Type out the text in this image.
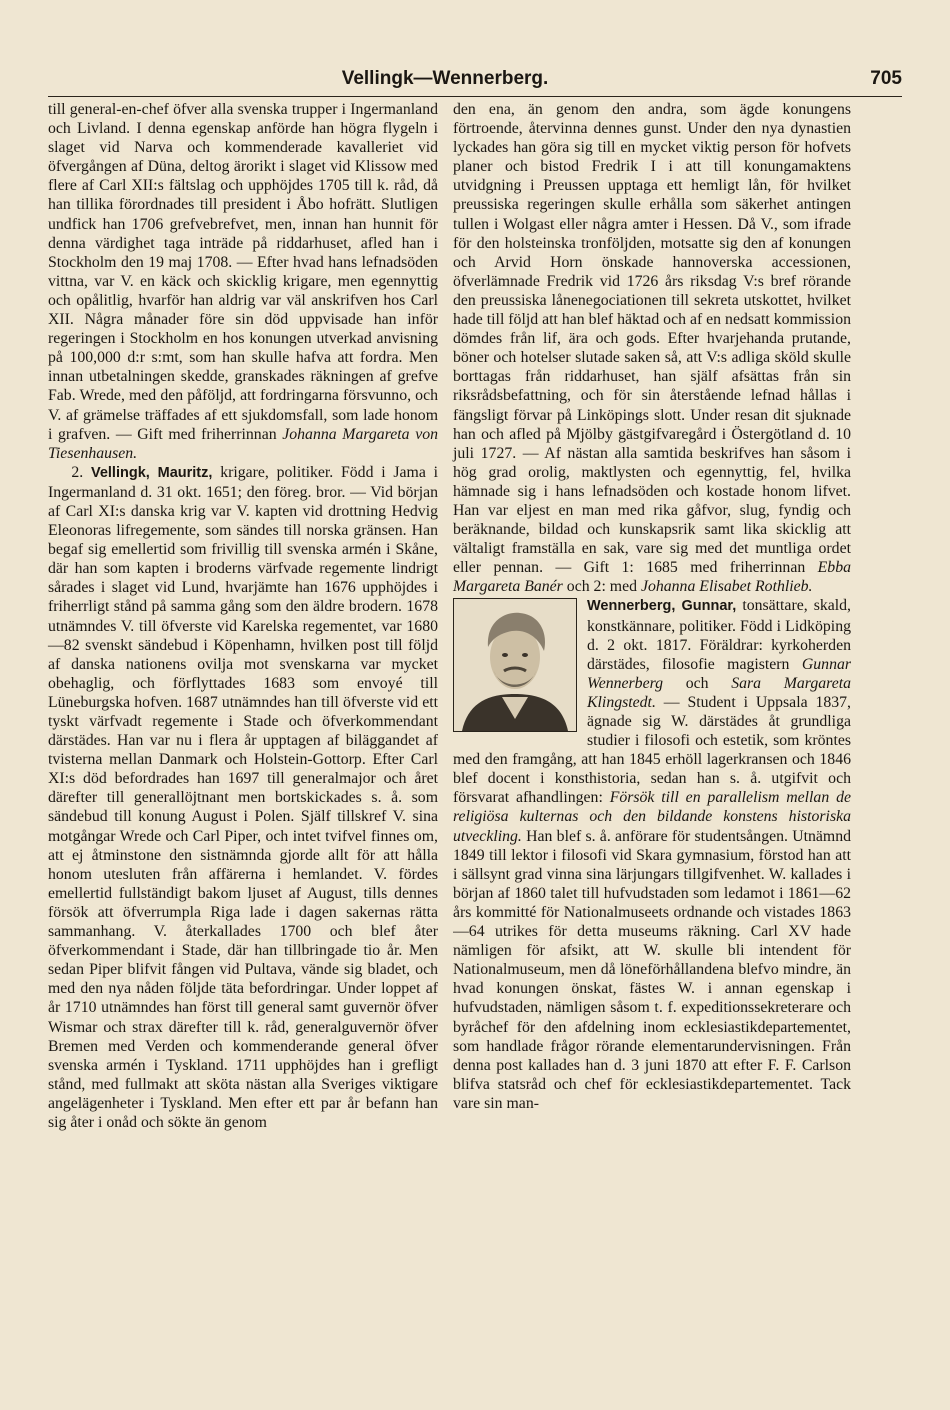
Vellingk—Wennerberg.	705

till general-en-chef öfver alla svenska trupper i Ingermanland och Livland. I denna egenskap anförde han högra flygeln i slaget vid Narva och kommenderade kavalleriet vid öfvergången af Düna, deltog ärorikt i slaget vid Klissow med flere af Carl XII:s fältslag och upphöjdes 1705 till k. råd, då han tillika förordnades till president i Åbo hofrätt. Slutligen undfick han 1706 grefvebrefvet, men, innan han hunnit för denna värdighet taga inträde på riddarhuset, afled han i Stockholm den 19 maj 1708. — Efter hvad hans lefnadsöden vittna, var V. en käck och skicklig krigare, men egennyttig och opålitlig, hvarför han aldrig var väl anskrifven hos Carl XII. Några månader före sin död uppvisade han inför regeringen i Stockholm en hos konungen utverkad anvisning på 100,000 d:r s:mt, som han skulle hafva att fordra. Men innan utbetalningen skedde, granskades räkningen af grefve Fab. Wrede, med den påföljd, att fordringarna försvunno, och V. af grämelse träffades af ett sjukdomsfall, som lade honom i grafven. — Gift med friherrinnan Johanna Margareta von Tiesenhausen.

2. Vellingk, Mauritz, krigare, politiker. Född i Jama i Ingermanland d. 31 okt. 1651; den föreg. bror. — Vid början af Carl XI:s danska krig var V. kapten vid drottning Hedvig Eleonoras lifregemente, som sändes till norska gränsen. Han begaf sig emellertid som frivillig till svenska armén i Skåne, där han som kapten i broderns värfvade regemente lindrigt sårades i slaget vid Lund, hvarjämte han 1676 upphöjdes i friherrligt stånd på samma gång som den äldre brodern. 1678 utnämndes V. till öfverste vid Karelska regementet, var 1680—82 svenskt sändebud i Köpenhamn, hvilken post till följd af danska nationens ovilja mot svenskarna var mycket obehaglig, och förflyttades 1683 som envoyé till Lüneburgska hofven. 1687 utnämndes han till öfverste vid ett tyskt värfvadt regemente i Stade och öfverkommendant därstädes. Han var nu i flera år upptagen af biläggandet af tvisterna mellan Danmark och Holstein-Gottorp. Efter Carl XI:s död befordrades han 1697 till generalmajor och året därefter till generallöjtnant men bortskickades s. å. som sändebud till konung August i Polen. Själf tillskref V. sina motgångar Wrede och Carl Piper, och intet tvifvel finnes om, att ej åtminstone den sistnämnda gjorde allt för att hålla honom utesluten från affärerna i hemlandet. V. fördes emellertid fullständigt bakom ljuset af August, tills dennes försök att öfverrumpla Riga lade i dagen sakernas rätta sammanhang. V. återkallades 1700 och blef åter öfverkommendant i Stade, där han tillbringade tio år. Men sedan Piper blifvit fången vid Pultava, vände sig bladet, och med den nya nåden följde täta befordringar. Under loppet af år 1710 utnämndes han först till general samt guvernör öfver Wismar och strax därefter till k. råd, generalguvernör öfver Bremen med Verden och kommenderande general öfver svenska armén i Tyskland. 1711 upphöjdes han i grefligt stånd, med fullmakt att sköta nästan alla Sveriges viktigare angelägenheter i Tyskland. Men efter ett par år befann han sig åter i onåd och sökte än genom

den ena, än genom den andra, som ägde konungens förtroende, återvinna dennes gunst. Under den nya dynastien lyckades han göra sig till en mycket viktig person för hofvets planer och bistod Fredrik I i att till konungamaktens utvidgning i Preussen upptaga ett hemligt lån, för hvilket preussiska regeringen skulle erhålla som säkerhet antingen tullen i Wolgast eller några amter i Hessen. Då V., som ifrade för den holsteinska tronföljden, motsatte sig den af konungen och Arvid Horn önskade hannoverska accessionen, öfverlämnade Fredrik vid 1726 års riksdag V:s bref rörande den preussiska lånenegociationen till sekreta utskottet, hvilket hade till följd att han blef häktad och af en nedsatt kommission dömdes från lif, ära och gods. Efter hvarjehanda prutande, böner och hotelser slutade saken så, att V:s adliga sköld skulle borttagas från riddarhuset, han själf afsättas från sin riksrådsbefattning, och för sin återstående lefnad hållas i fängsligt förvar på Linköpings slott. Under resan dit sjuknade han och afled på Mjölby gästgifvaregård i Östergötland d. 10 juli 1727. — Af nästan alla samtida beskrifves han såsom i hög grad orolig, maktlysten och egennyttig, fel, hvilka hämnade sig i hans lefnadsöden och kostade honom lifvet. Han var eljest en man med rika gåfvor, slug, fyndig och beräknande, bildad och kunskapsrik samt lika skicklig att vältaligt framställa en sak, vare sig med det muntliga ordet eller pennan. — Gift 1: 1685 med friherrinnan Ebba Margareta Banér och 2: med Johanna Elisabet Rothlieb.

Wennerberg, Gunnar, tonsättare, skald, konstkännare, politiker. Född i Lidköping d. 2 okt. 1817. Föräldrar: kyrkoherden därstädes, filosofie magistern Gunnar Wennerberg och Sara Margareta Klingstedt. — Student i Uppsala 1837, ägnade sig W. därstädes åt grundliga studier i filosofi och estetik, som kröntes med den framgång, att han 1845 erhöll lagerkransen och 1846 blef docent i konsthistoria, sedan han s. å. utgifvit och försvarat afhandlingen: Försök till en parallelism mellan de religiösa kulternas och den bildande konstens historiska utveckling. Han blef s. å. anförare för studentsången. Utnämnd 1849 till lektor i filosofi vid Skara gymnasium, förstod han att i sällsynt grad vinna sina lärjungars tillgifvenhet. W. kallades i början af 1860 talet till hufvudstaden som ledamot i 1861—62 års kommitté för Nationalmuseets ordnande och vistades 1863—64 utrikes för detta museums räkning. Carl XV hade nämligen för afsikt, att W. skulle bli intendent för Nationalmuseum, men då löneförhållandena blefvo mindre, än hvad konungen önskat, fästes W. i annan egenskap i hufvudstaden, nämligen såsom t. f. expeditionssekreterare och byråchef för den afdelning inom ecklesiastikdepartementet, som handlade frågor rörande elementarundervisningen. Från denna post kallades han d. 3 juni 1870 att efter F. F. Carlson blifva statsråd och chef för ecklesiastikdepartementet. Tack vare sin man-
